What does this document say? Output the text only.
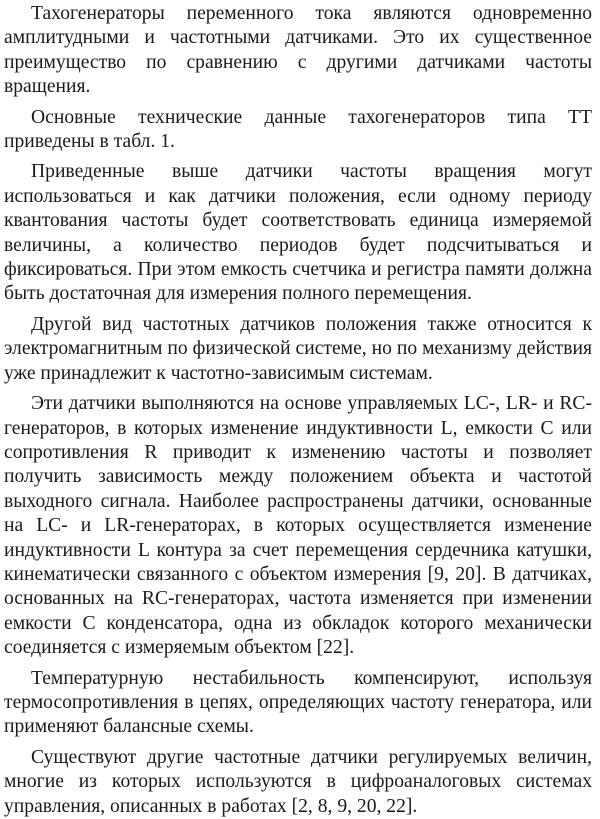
Тахогенераторы переменного тока являются одновременно амплитудными и частотными датчиками. Это их существенное преимущество по сравнению с другими датчиками частоты вращения.

Основные технические данные тахогенераторов типа ТТ приведены в табл. 1.

Приведенные выше датчики частоты вращения могут использоваться и как датчики положения, если одному периоду квантования частоты будет соответствовать единица измеряемой величины, а количество периодов будет подсчитываться и фиксироваться. При этом емкость счетчика и регистра памяти должна быть достаточная для измерения полного перемещения.

Другой вид частотных датчиков положения также относится к электромагнитным по физической системе, но по механизму действия уже принадлежит к частотно-зависимым системам.

Эти датчики выполняются на основе управляемых LC-, LR- и RC-генераторов, в которых изменение индуктивности L, емкости C или сопротивления R приводит к изменению частоты и позволяет получить зависимость между положением объекта и частотой выходного сигнала. Наиболее распространены датчики, основанные на LC- и LR-генераторах, в которых осуществляется изменение индуктивности L контура за счет перемещения сердечника катушки, кинематически связанного с объектом измерения [9, 20]. В датчиках, основанных на RC-генераторах, частота изменяется при изменении емкости C конденсатора, одна из обкладок которого механически соединяется с измеряемым объектом [22].

Температурную нестабильность компенсируют, используя термосопротивления в цепях, определяющих частоту генератора, или применяют балансные схемы.

Существуют другие частотные датчики регулируемых величин, многие из которых используются в цифроаналоговых системах управления, описанных в работах [2, 8, 9, 20, 22].
